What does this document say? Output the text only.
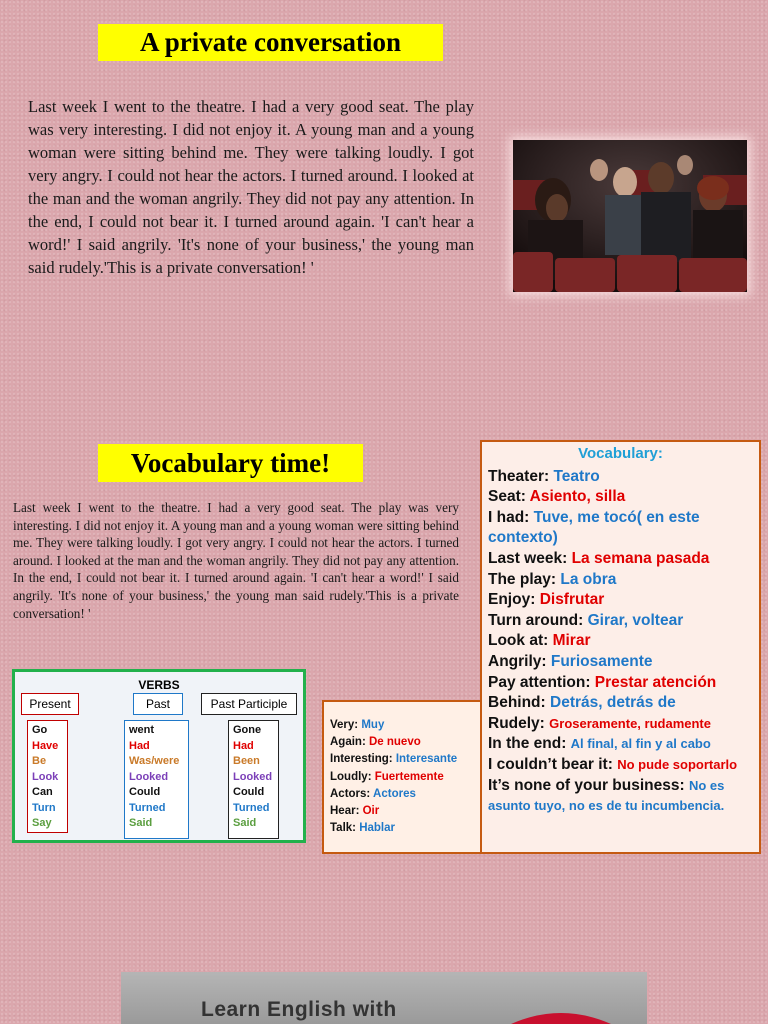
A private conversation
Last week I went to the theatre. I had a very good seat. The play was very interesting. I did not enjoy it. A young man and a young woman were sitting behind me. They were talking loudly. I got very angry. I could not hear the actors. I turned around. I looked at the man and the woman angrily. They did not pay any attention. In the end, I could not bear it. I turned around again. 'I can't hear a word!' I said angrily. 'It's none of your business,' the young man said rudely.'This is a private conversation! '
Vocabulary time!
Last week I went to the theatre. I had a very good seat. The play was very interesting. I did not enjoy it. A young man and a young woman were sitting behind me. They were talking loudly. I got very angry. I could not hear the actors. I turned around. I looked at the man and the woman angrily. They did not pay any attention. In the end, I could not bear it. I turned around again. 'I can't hear a word!' I said angrily. 'It's none of your business,' the young man said rudely.'This is a private conversation! '
VERBS
Present	Past	Past Participle
Go
Have
Be
Look
Can
Turn
Say
went
Had
Was/were
Looked
Could
Turned
Said
Gone
Had
Been
Looked
Could
Turned
Said
Very: Muy
Again: De nuevo
Interesting: Interesante
Loudly: Fuertemente
Actors: Actores
Hear: Oir
Talk: Hablar
Vocabulary:
Theater: Teatro
Seat: Asiento, silla
I had: Tuve, me tocó( en este contexto)
Last week: La semana pasada
The play: La obra
Enjoy: Disfrutar
Turn around: Girar, voltear
Look at: Mirar
Angrily: Furiosamente
Pay attention: Prestar atención
Behind: Detrás, detrás de
Rudely: Groseramente, rudamente
In the end: Al final, al fin y al cabo
I couldn’t bear it: No pude soportarlo
It’s none of your business: No es asunto tuyo, no es de tu incumbencia.
Learn English with
